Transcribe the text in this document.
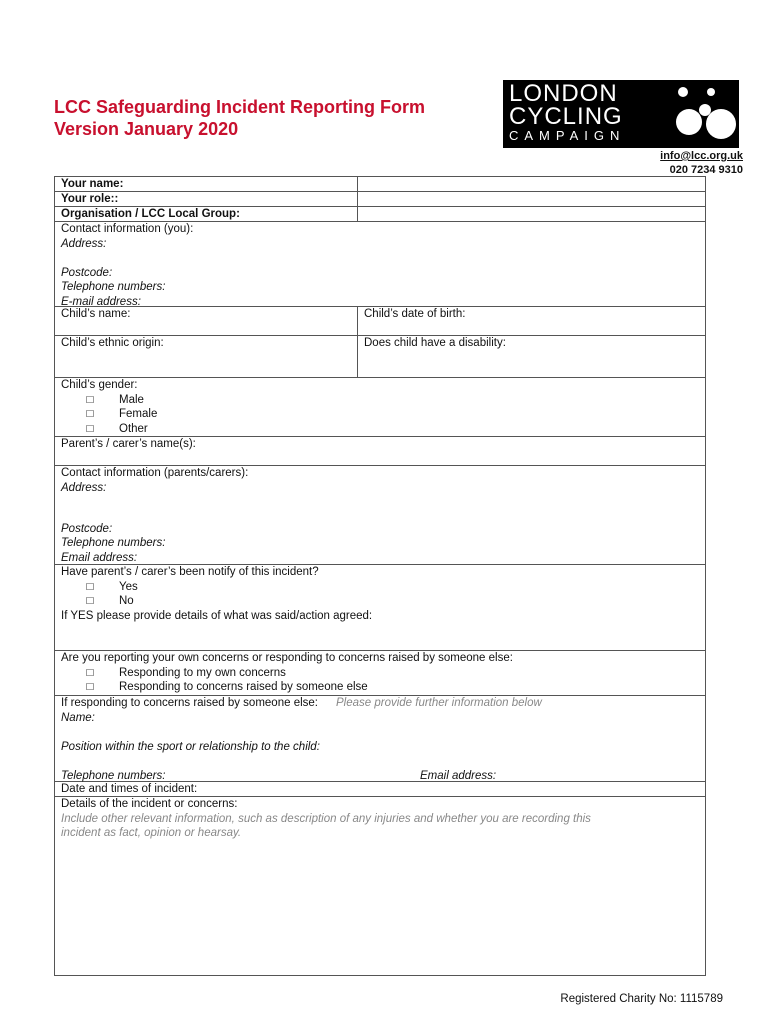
LCC Safeguarding Incident Reporting Form
Version January 2020
LONDON
CYCLING
CAMPAIGN
info@lcc.org.uk
020 7234 9310
Your name:
Your role::
Organisation / LCC Local Group:
Contact information (you):
Address:

Postcode:
Telephone numbers:
E-mail address:
Child’s name:	Child’s date of birth:
Child’s ethnic origin:	Does child have a disability:
Child’s gender:
□ Male
□ Female
□ Other
Parent’s / carer’s name(s):
Contact information (parents/carers):
Address:

Postcode:
Telephone numbers:
Email address:
Have parent’s / carer’s been notify of this incident?
□ Yes
□ No
If YES please provide details of what was said/action agreed:
Are you reporting your own concerns or responding to concerns raised by someone else:
□ Responding to my own concerns
□ Responding to concerns raised by someone else
If responding to concerns raised by someone else: Please provide further information below
Name:

Position within the sport or relationship to the child:

Telephone numbers:	Email address:
Date and times of incident:
Details of the incident or concerns:
Include other relevant information, such as description of any injuries and whether you are recording this
incident as fact, opinion or hearsay.
Registered Charity No: 1115789
